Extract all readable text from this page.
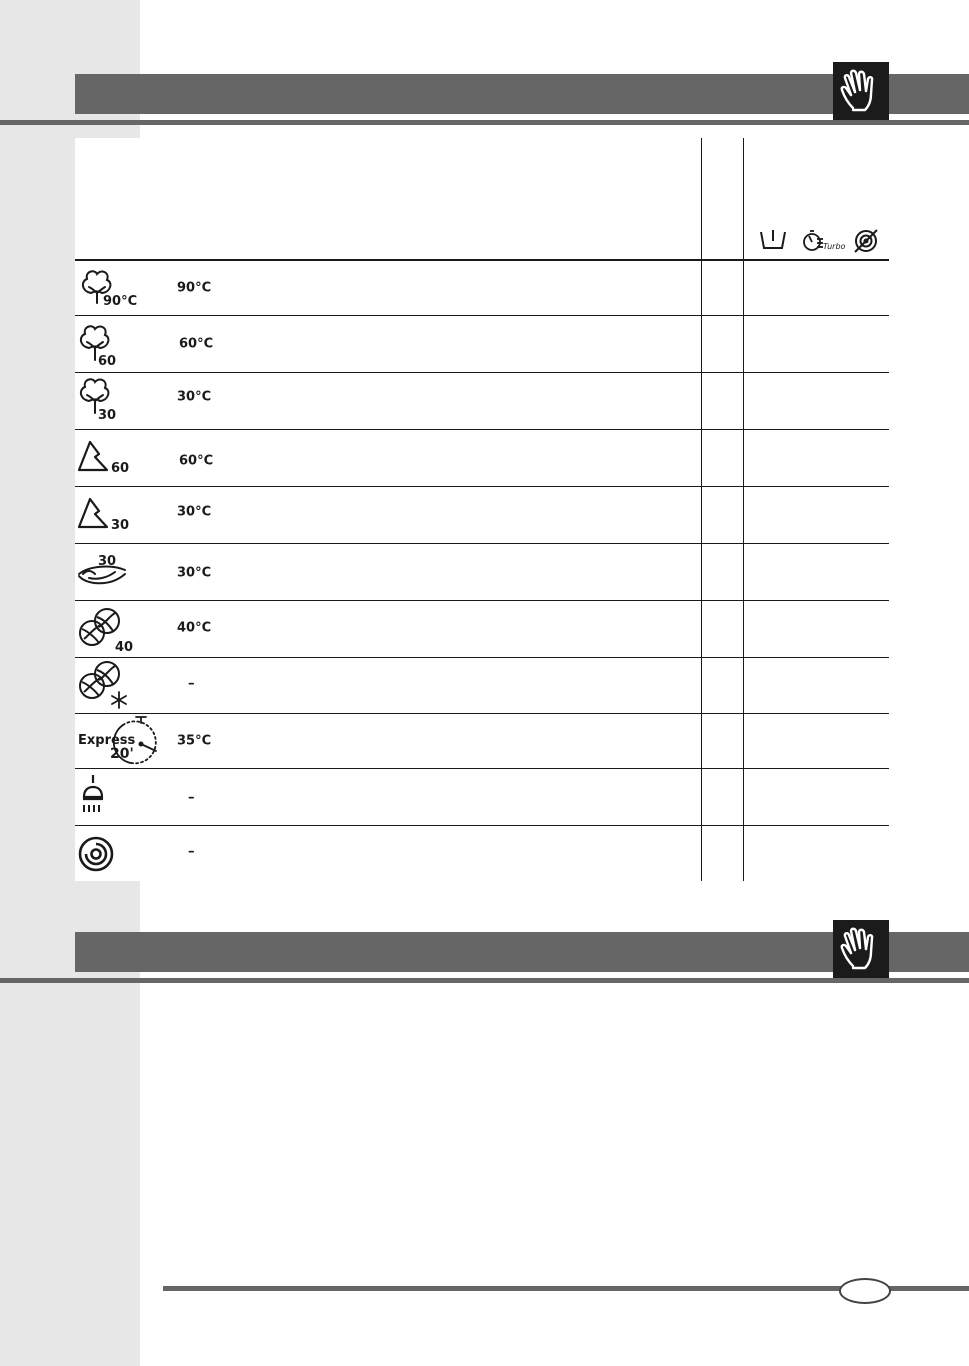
Turbo
90°C
90°C
60
60°C
30
30°C
60	60°C
30
30°C
30
30°C
40
40°C
–
Express
20'
35°C
–
–
